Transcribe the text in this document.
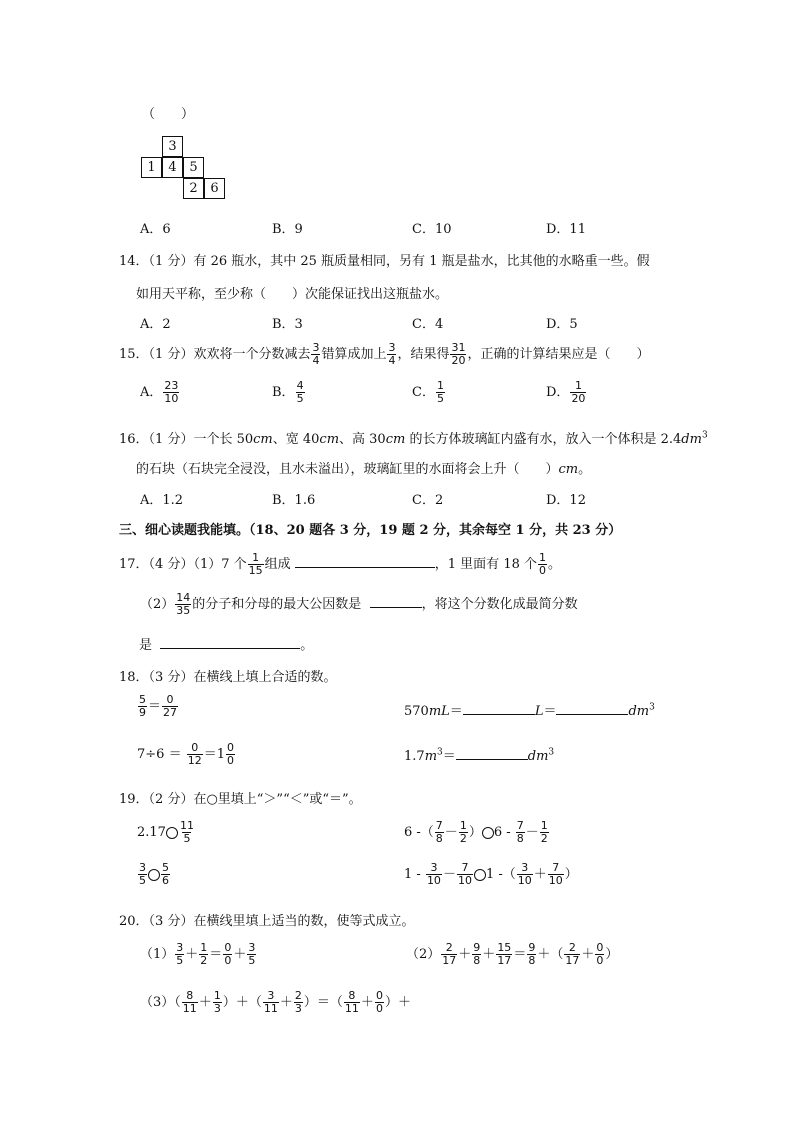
（　　）
3
1 4 5
2 6
A．6	B．9	C．10	D．11
14．（1 分）有 26 瓶水，其中 25 瓶质量相同，另有 1 瓶是盐水，比其他的水略重一些。假
如用天平称，至少称（　　）次能保证找出这瓶盐水。
A．2	B．3	C．4	D．5
15．（1 分）欢欢将一个分数减去 $\frac{3}{4}$ 错算成加上 $\frac{3}{4}$ ，结果得 $\frac{31}{20}$ ，正确的计算结果应是（　　）
A． $\frac{23}{10}$	B． $\frac{4}{5}$	C． $\frac{1}{5}$	D． $\frac{1}{20}$
16．（1 分）一个长 50cm、宽 40cm、高 30cm 的长方体玻璃缸内盛有水，放入一个体积是 $2.4dm^3$
的石块（石块完全浸没，且水未溢出），玻璃缸里的水面将会上升（　　）cm。
A．1.2	B．1.6	C．2	D．12
三、细心读题我能填。（18、20 题各 3 分，19 题 2 分，其余每空 1 分，共 23 分）
17．（4 分）（1）7 个 $\frac{1}{15}$ 组成	，1 里面有 18 个 $\frac{1}{0}$ 。
$(2) \frac{14}{35}$ 的分子和分母的最大公因数是	，将这个分数化成最简分数
是	。
18．（3 分）在横线上填上合适的数。
$\frac{5}{9} = \frac{0}{27}$	570mL＝	L＝	$dm^3$
$7\div 6 = \frac{0}{12} =1 \frac{0}{0}$	$1.7m^3=$	$dm^3$
19．（2 分）在○里填上“＞”“＜”或“＝”。
$2.17 \frac{11}{5}$	6 -（ $\frac{7}{8} - \frac{1}{2}$ ） $6 - \frac{7}{8} - \frac{1}{2}$
$\frac{3}{5} \frac{5}{6}$	$1 - \frac{3}{10} - \frac{7}{10} 1$ -（ $\frac{3}{10} + \frac{7}{10}$ ）
20．（3 分）在横线里填上适当的数，使等式成立。
$(1) \frac{3}{5} + \frac{1}{2} = \frac{0}{0} + \frac{3}{5}$	$(2) \frac{2}{17} + \frac{9}{8} + \frac{15}{17} = \frac{9}{8}$ ＋（ $\frac{2}{17} + \frac{0}{0}$ ）
$(3)( \frac{8}{11} + \frac{1}{3}$ ）＋（ $\frac{3}{11} + \frac{2}{3}$ ）＝（ $\frac{8}{11} + \frac{0}{0}$ ）＋
